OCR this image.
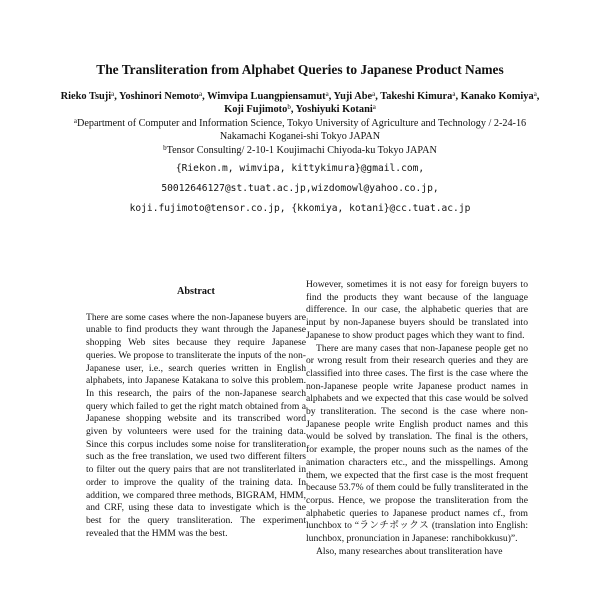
The Transliteration from Alphabet Queries to Japanese Product Names
Rieko Tsuji$^a$, Yoshinori Nemoto$^a$, Wimvipa Luangpiensamut$^a$, Yuji Abe$^a$, Takeshi Kimura$^a$, Kanako Komiya$^a$, Koji Fujimoto$^b$, Yoshiyuki Kotani$^a$
$^a$Department of Computer and Information Science, Tokyo University of Agriculture and Technology / 2-24-16 Nakamachi Koganei-shi Tokyo JAPAN
$^b$Tensor Consulting/ 2-10-1 Koujimachi Chiyoda-ku Tokyo JAPAN
{Riekon.m, wimvipa, kittykimura}@gmail.com,
50012646127@st.tuat.ac.jp,wizdomowl@yahoo.co.jp,
koji.fujimoto@tensor.co.jp, {kkomiya, kotani}@cc.tuat.ac.jp
Abstract

There are some cases where the non-Japanese buyers are unable to find products they want through the Japanese shopping Web sites because they require Japanese queries. We propose to transliterate the inputs of the non-Japanese user, i.e., search queries written in English alphabets, into Japanese Katakana to solve this problem. In this research, the pairs of the non-Japanese search query which failed to get the right match obtained from a Japanese shopping website and its transcribed word given by volunteers were used for the training data. Since this corpus includes some noise for transliteration such as the free translation, we used two different filters to filter out the query pairs that are not transliterlated in order to improve the quality of the training data. In addition, we compared three methods, BIGRAM, HMM, and CRF, using these data to investigate which is the best for the query transliteration. The experiment revealed that the HMM was the best.

However, sometimes it is not easy for foreign buyers to find the products they want because of the language difference. In our case, the alphabetic queries that are input by non-Japanese buyers should be translated into Japanese to show product pages which they want to find.

There are many cases that non-Japanese people get no or wrong result from their research queries and they are classified into three cases. The first is the case where the non-Japanese people write Japanese product names in alphabets and we expected that this case would be solved by transliteration. The second is the case where non-Japanese people write English product names and this would be solved by translation. The final is the others, for example, the proper nouns such as the names of the animation characters etc., and the misspellings. Among them, we expected that the first case is the most frequent because 53.7% of them could be fully transliterated in the corpus. Hence, we propose the transliteration from the alphabetic queries to Japanese product names cf., from lunchbox to “ランチボックス (translation into English: lunchbox, pronunciation in Japanese: ranchibokkusu)”.

Also, many researches about transliteration have
